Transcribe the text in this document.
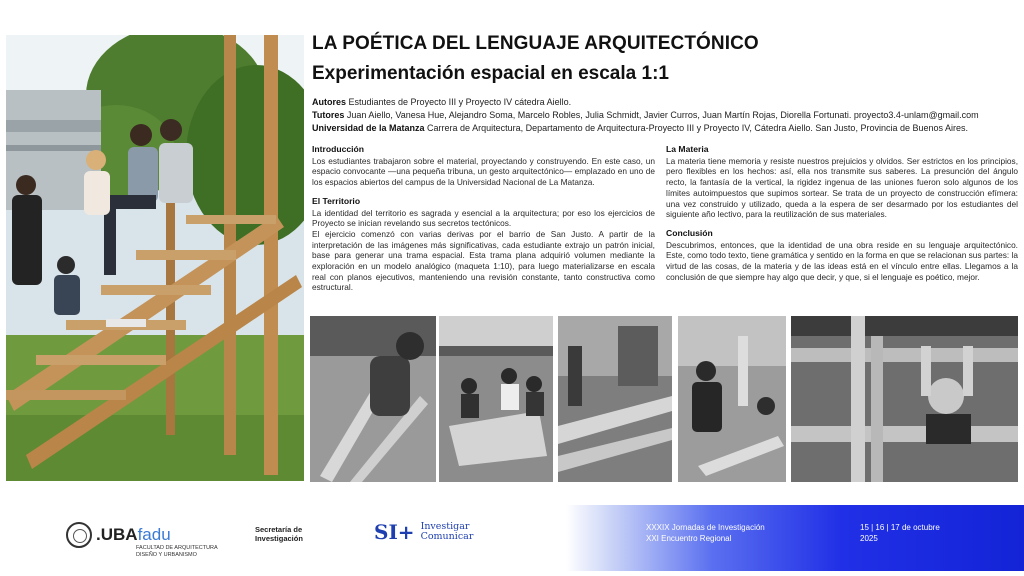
LA POÉTICA DEL LENGUAJE ARQUITECTÓNICO
Experimentación espacial en escala 1:1
Autores Estudiantes de Proyecto III y Proyecto IV cátedra Aiello.
Tutores Juan Aiello, Vanesa Hue, Alejandro Soma, Marcelo Robles, Julia Schmidt, Javier Curros, Juan Martín Rojas, Diorella Fortunati. proyecto3.4-unlam@gmail.com
Universidad de la Matanza Carrera de Arquitectura, Departamento de Arquitectura-Proyecto III y Proyecto IV, Cátedra Aiello. San Justo, Provincia de Buenos Aires.
Introducción

Los estudiantes trabajaron sobre el material, proyectando y construyendo. En este caso, un espacio convocante —una pequeña tribuna, un gesto arquitectónico— emplazado en uno de los espacios abiertos del campus de la Universidad Nacional de La Matanza.

El Territorio

La identidad del territorio es sagrada y esencial a la arquitectura; por eso los ejercicios de Proyecto se inician revelando sus secretos tectónicos.

El ejercicio comenzó con varias derivas por el barrio de San Justo. A partir de la interpretación de las imágenes más significativas, cada estudiante extrajo un patrón inicial, base para generar una trama espacial. Esta trama plana adquirió volumen mediante la exploración en un modelo analógico (maqueta 1:10), para luego materializarse en escala real con planos ejecutivos, manteniendo una revisión constante, tanto constructiva como estructural.

La Materia

La materia tiene memoria y resiste nuestros prejuicios y olvidos. Ser estrictos en los principios, pero flexibles en los hechos: así, ella nos transmite sus saberes. La presunción del ángulo recto, la fantasía de la vertical, la rigidez ingenua de las uniones fueron solo algunos de los límites autoimpuestos que supimos sortear. Se trata de un proyecto de construcción efímera: una vez construido y utilizado, queda a la espera de ser desarmado por los estudiantes del siguiente año lectivo, para la reutilización de sus materiales.

Conclusión

Descubrimos, entonces, que la identidad de una obra reside en su lenguaje arquitectónico. Este, como todo texto, tiene gramática y sentido en la forma en que se relacionan sus partes: la virtud de las cosas, de la materia y de las ideas está en el vínculo entre ellas. Llegamos a la conclusión de que siempre hay algo que decir, y que, si el lenguaje es poético, mejor.

.UBAfadu
FACULTAD DE ARQUITECTURA
DISEÑO Y URBANISMO
Secretaría de
Investigación	SI+ Investigar
Comunicar
XXXIX Jornadas de Investigación
XXI Encuentro Regional
15 | 16 | 17 de octubre
2025
